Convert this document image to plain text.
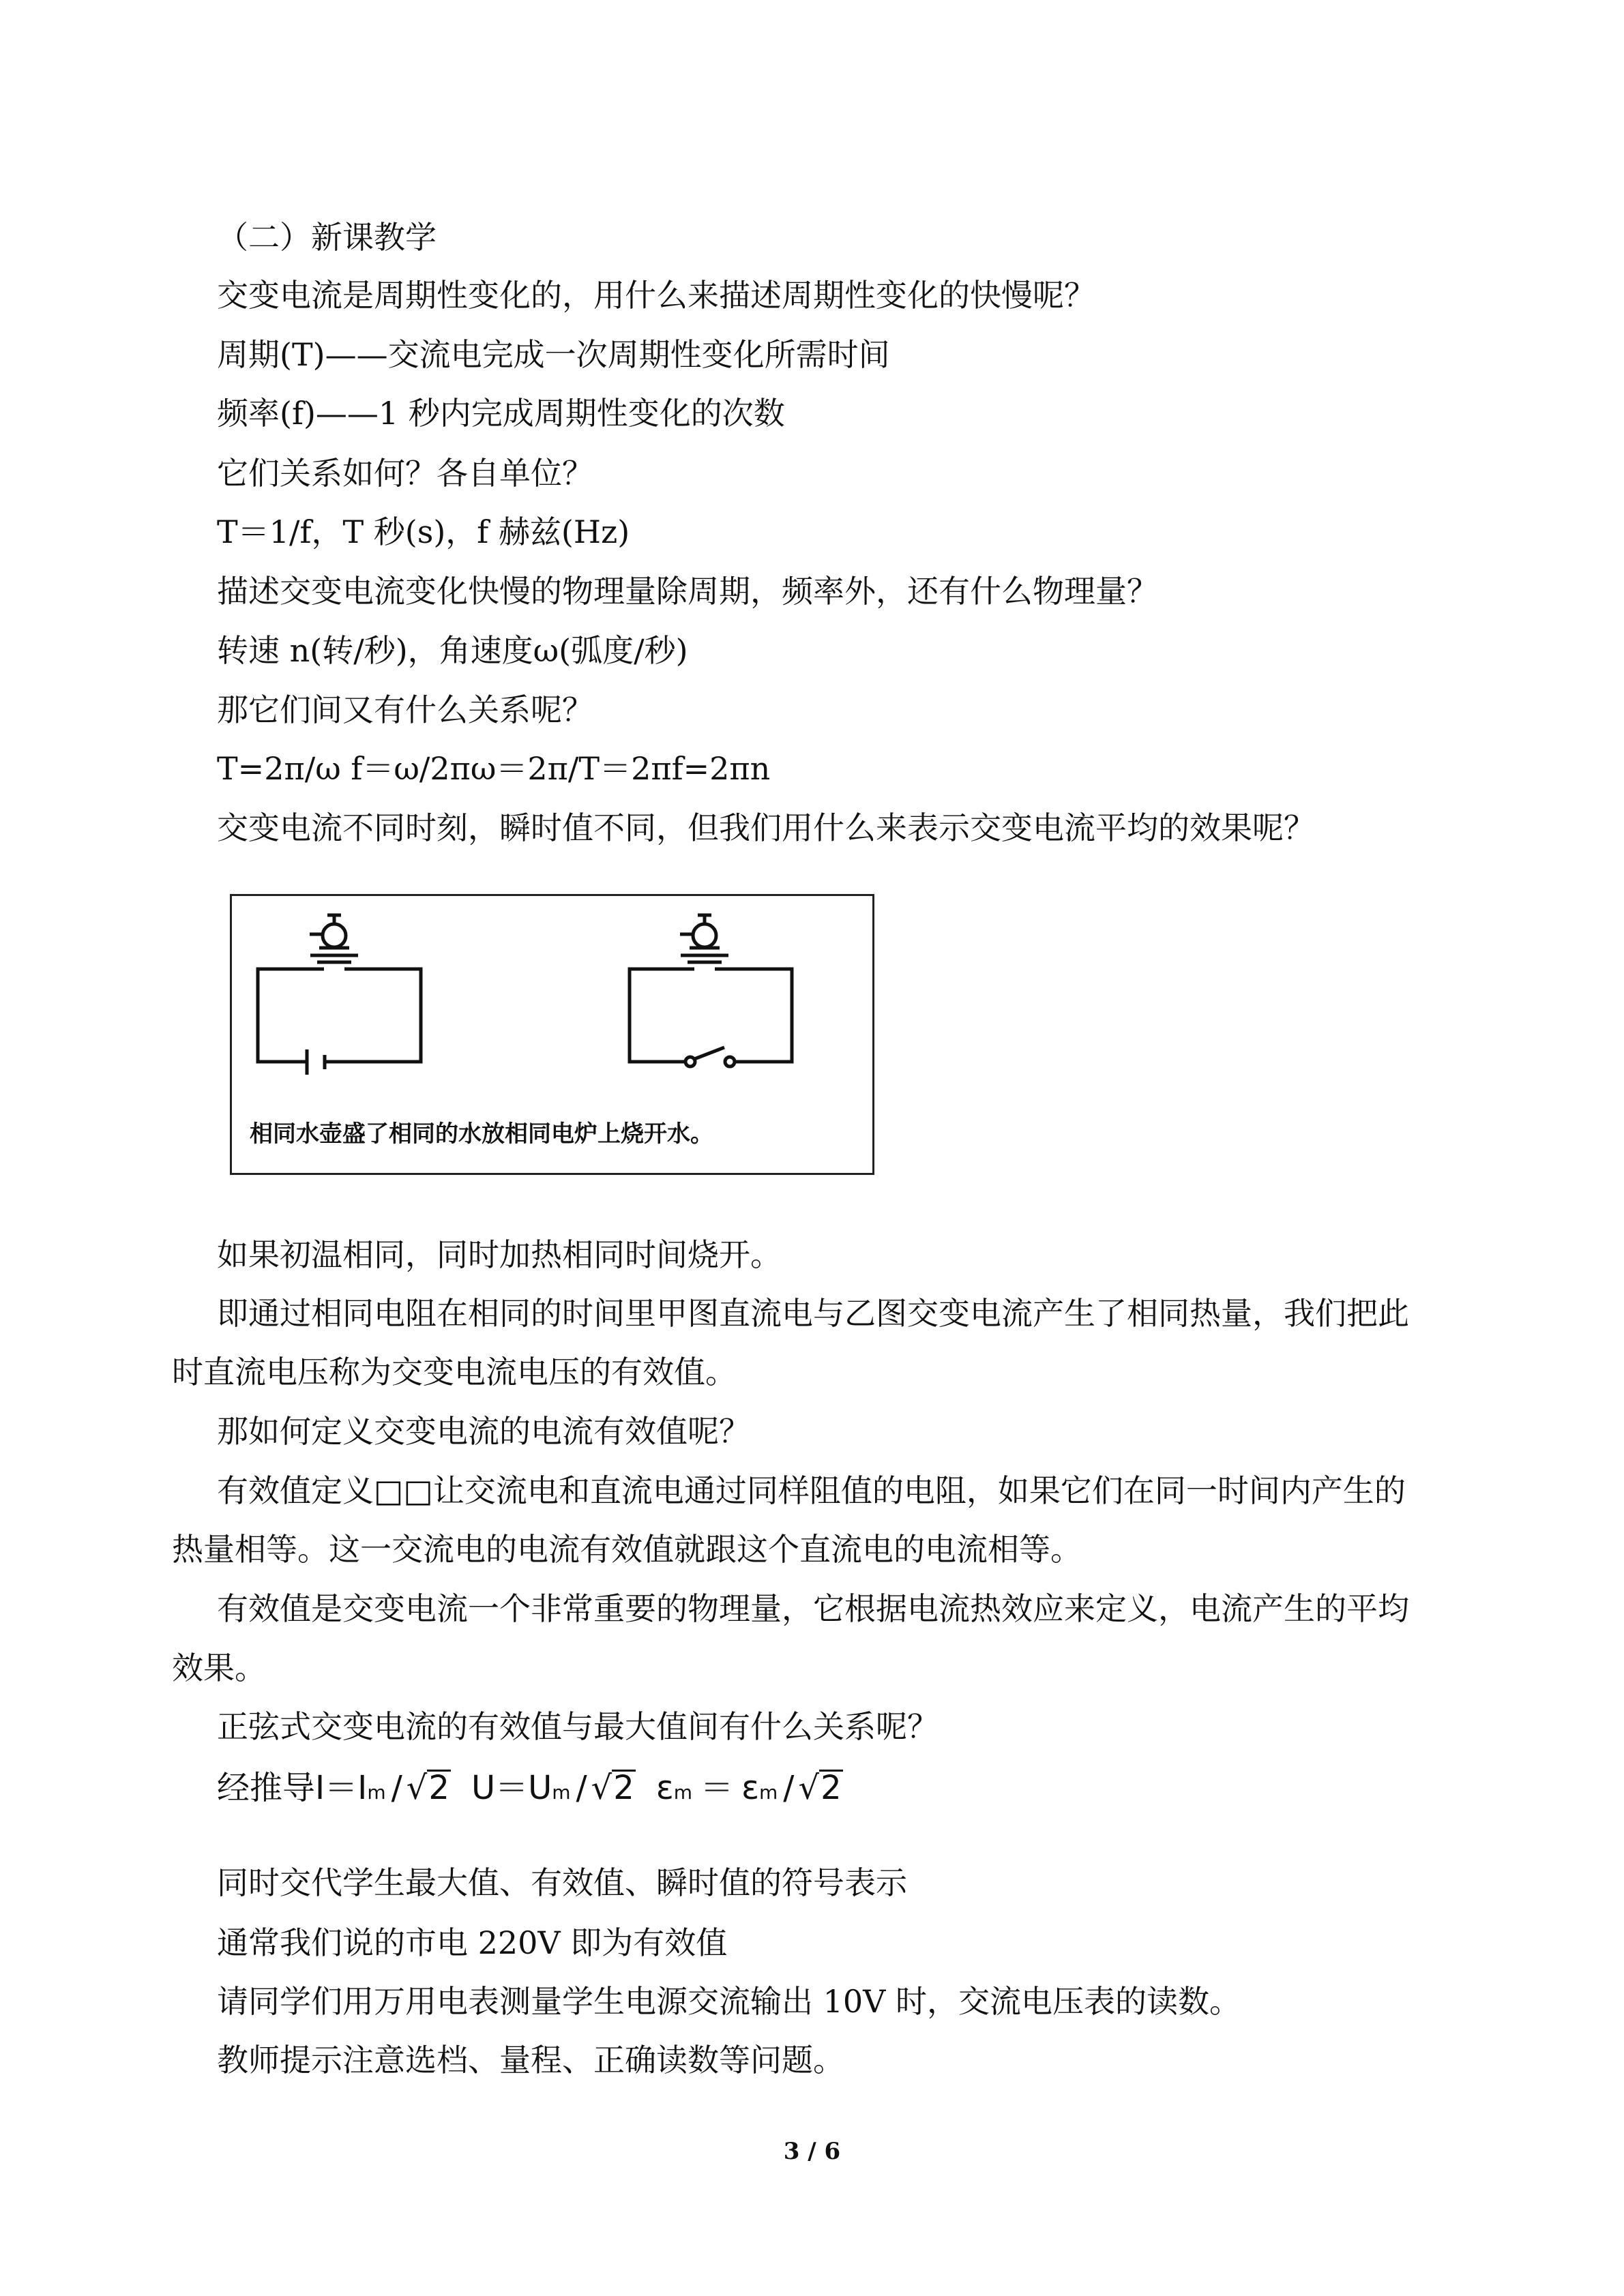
（二）新课教学

交变电流是周期性变化的，用什么来描述周期性变化的快慢呢？

周期(T)——交流电完成一次周期性变化所需时间

频率(f)——1 秒内完成周期性变化的次数

它们关系如何？各自单位？

T＝1/f，T 秒(s)，f 赫兹(Hz)

描述交变电流变化快慢的物理量除周期，频率外，还有什么物理量？

转速 n(转/秒)，角速度ω(弧度/秒)

那它们间又有什么关系呢？

T=2π/ω f＝ω/2πω＝2π/T＝2πf=2πn

交变电流不同时刻，瞬时值不同，但我们用什么来表示交变电流平均的效果呢？

相同水壶盛了相同的水放相同电炉上烧开水。

如果初温相同，同时加热相同时间烧开。

即通过相同电阻在相同的时间里甲图直流电与乙图交变电流产生了相同热量，我们把此

时直流电压称为交变电流电压的有效值。

那如何定义交变电流的电流有效值呢？

有效值定义□□让交流电和直流电通过同样阻值的电阻，如果它们在同一时间内产生的

热量相等。这一交流电的电流有效值就跟这个直流电的电流相等。

有效值是交变电流一个非常重要的物理量，它根据电流热效应来定义，电流产生的平均

效果。

正弦式交变电流的有效值与最大值间有什么关系呢？

经推导 I＝I m / √ 2 U＝U m / √ 2 ε m ＝ ε m / √ 2

同时交代学生最大值、有效值、瞬时值的符号表示

通常我们说的市电 220V 即为有效值

请同学们用万用电表测量学生电源交流输出 10V 时，交流电压表的读数。

教师提示注意选档、量程、正确读数等问题。

3 / 6
